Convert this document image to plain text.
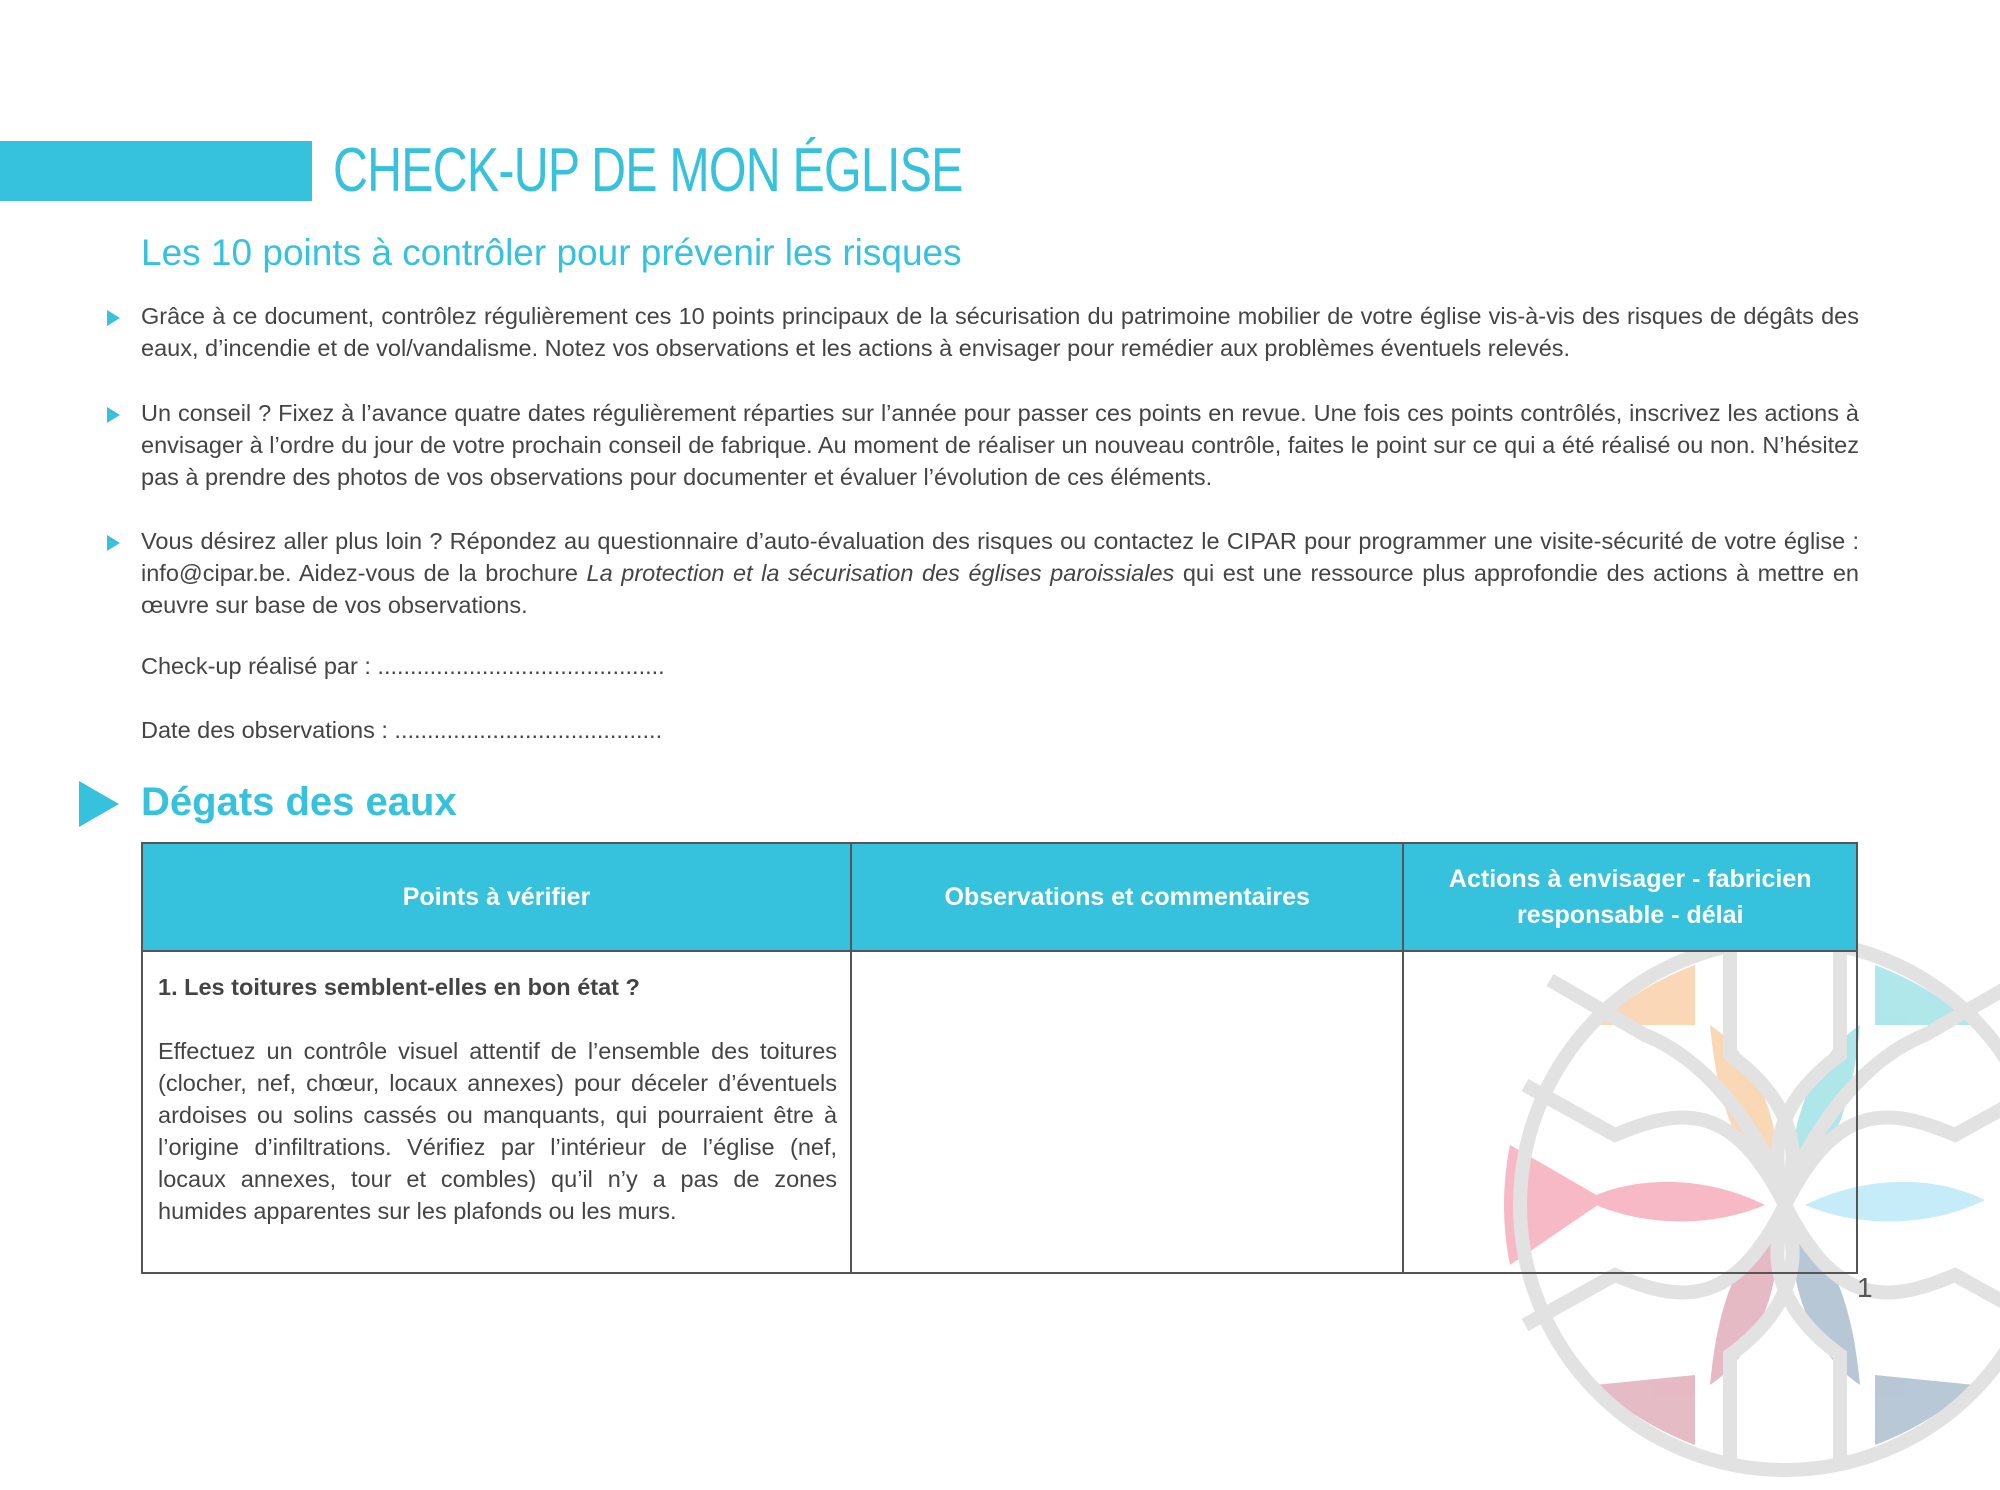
CHECK-UP DE MON ÉGLISE
Les 10 points à contrôler pour prévenir les risques
Grâce à ce document, contrôlez régulièrement ces 10 points principaux de la sécurisation du patrimoine mobilier de votre église vis-à-vis des risques de dégâts des eaux, d’incendie et de vol/vandalisme. Notez vos observations et les actions à envisager pour remédier aux problèmes éventuels relevés.
Un conseil ? Fixez à l’avance quatre dates régulièrement réparties sur l’année pour passer ces points en revue. Une fois ces points contrôlés, inscrivez les actions à envisager à l’ordre du jour de votre prochain conseil de fabrique. Au moment de réaliser un nouveau contrôle, faites le point sur ce qui a été réalisé ou non. N’hésitez pas à prendre des photos de vos observations pour documenter et évaluer l’évolution de ces éléments.
Vous désirez aller plus loin ? Répondez au questionnaire d’auto-évaluation des risques ou contactez le CIPAR pour programmer une visite-sécurité de votre église : info@cipar.be. Aidez-vous de la brochure La protection et la sécurisation des églises paroissiales qui est une ressource plus approfondie des actions à mettre en œuvre sur base de vos observations.
Check-up réalisé par : ............................................
Date des observations : .........................................
Dégats des eaux
Points à vérifier	Observations et commentaires	Actions à envisager - fabricien responsable - délai

1. Les toitures semblent-elles en bon état ?
Effectuez un contrôle visuel attentif de l’ensemble des toitures (clocher, nef, chœur, locaux annexes) pour déceler d’éventuels ardoises ou solins cassés ou manquants, qui pourraient être à l’origine d’infiltrations. Vérifiez par l’intérieur de l’église (nef, locaux annexes, tour et combles) qu’il n’y a pas de zones humides apparentes sur les plafonds ou les murs.		

1
